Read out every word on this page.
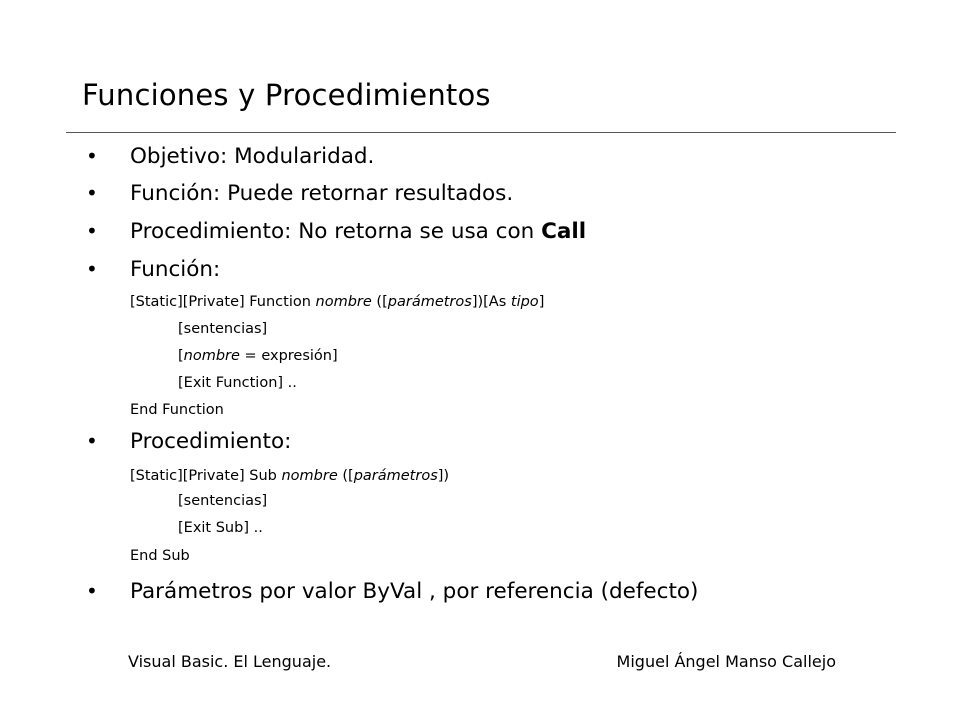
Funciones y Procedimientos
• Objetivo: Modularidad.
• Función: Puede retornar resultados.
• Procedimiento: No retorna se usa con Call
• Función:
[Static][Private] Function nombre ([parámetros])[As tipo]
[sentencias]
[nombre = expresión]
[Exit Function] ..
End Function
• Procedimiento:
[Static][Private] Sub nombre ([parámetros])
[sentencias]
[Exit Sub] ..
End Sub
• Parámetros por valor ByVal , por referencia (defecto)
Visual Basic. El Lenguaje.	Miguel Ángel Manso Callejo
